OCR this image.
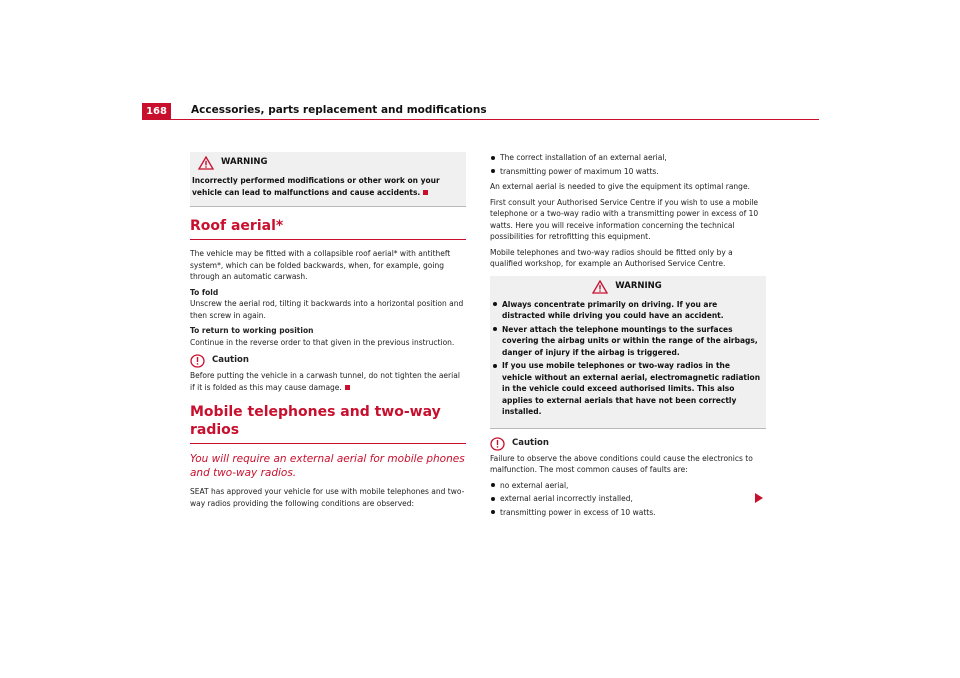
168	Accessories, parts replacement and modifications
WARNING
Incorrectly performed modifications or other work on your vehicle can lead to malfunctions and cause accidents.
Roof aerial*

The vehicle may be fitted with a collapsible roof aerial* with antitheft system*, which can be folded backwards, when, for example, going through an automatic carwash.

To fold

Unscrew the aerial rod, tilting it backwards into a horizontal position and then screw in again.

To return to working position

Continue in the reverse order to that given in the previous instruction.

Caution

Before putting the vehicle in a carwash tunnel, do not tighten the aerial if it is folded as this may cause damage.

Mobile telephones and two-way radios

You will require an external aerial for mobile phones and two-way radios.

SEAT has approved your vehicle for use with mobile telephones and two-way radios providing the following conditions are observed:

The correct installation of an external aerial,
transmitting power of maximum 10 watts.

An external aerial is needed to give the equipment its optimal range.

First consult your Authorised Service Centre if you wish to use a mobile telephone or a two-way radio with a transmitting power in excess of 10 watts. Here you will receive information concerning the technical possibilities for retrofitting this equipment.

Mobile telephones and two-way radios should be fitted only by a qualified workshop, for example an Authorised Service Centre.

WARNING
Always concentrate primarily on driving. If you are distracted while driving you could have an accident.
Never attach the telephone mountings to the surfaces covering the airbag units or within the range of the airbags, danger of injury if the airbag is triggered.
If you use mobile telephones or two-way radios in the vehicle without an external aerial, electromagnetic radiation in the vehicle could exceed authorised limits. This also applies to external aerials that have not been correctly installed.
Caution

Failure to observe the above conditions could cause the electronics to malfunction. The most common causes of faults are:

no external aerial,
external aerial incorrectly installed,
transmitting power in excess of 10 watts.
